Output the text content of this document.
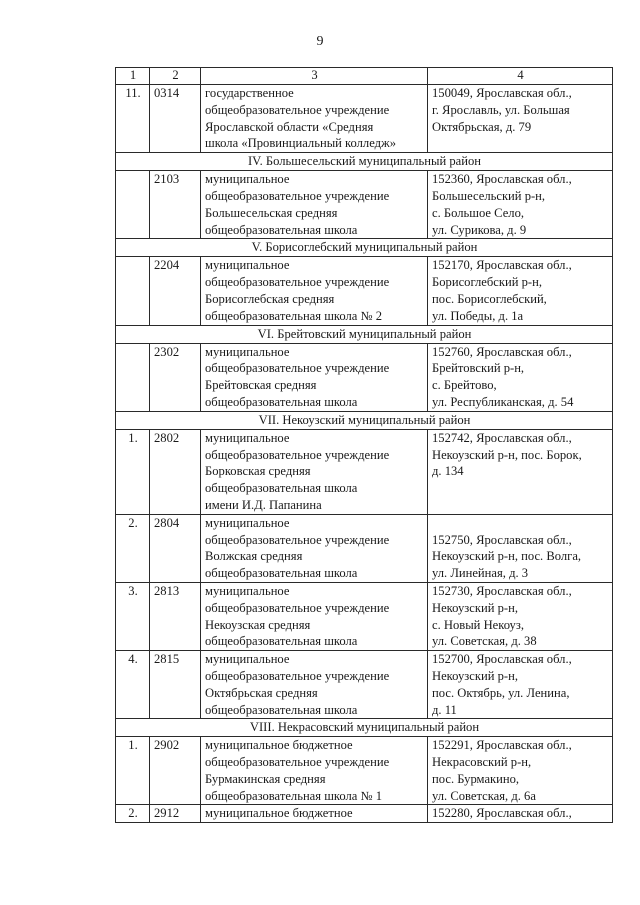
9
1	2	3	4
11.	0314	государственное
общеобразовательное учреждение
Ярославской области «Средняя
школа «Провинциальный колледж»	150049, Ярославская обл.,
г. Ярославль, ул. Большая
Октябрьская, д. 79

IV. Большесельский муниципальный район			
	2103	муниципальное
общеобразовательное учреждение
Большесельская средняя
общеобразовательная школа	152360, Ярославская обл.,
Большесельский р-н,
с. Большое Село,
ул. Сурикова, д. 9

V. Борисоглебский муниципальный район			
	2204	муниципальное
общеобразовательное учреждение
Борисоглебская средняя
общеобразовательная школа № 2	152170, Ярославская обл.,
Борисоглебский р-н,
пос. Борисоглебский,
ул. Победы, д. 1а

VI. Брейтовский муниципальный район			
	2302	муниципальное
общеобразовательное учреждение
Брейтовская средняя
общеобразовательная школа	152760, Ярославская обл.,
Брейтовский р-н,
с. Брейтово,
ул. Республиканская, д. 54

VII. Некоузский муниципальный район			
1.	2802	муниципальное
общеобразовательное учреждение
Борковская средняя
общеобразовательная школа
имени И.Д. Папанина	152742, Ярославская обл.,
Некоузский р-н, пос. Борок,
д. 134

2.	2804	муниципальное
общеобразовательное учреждение
Волжская средняя
общеобразовательная школа	152750, Ярославская обл.,
Некоузский р-н, пос. Волга,
ул. Линейная, д. 3

3.	2813	муниципальное
общеобразовательное учреждение
Некоузская средняя
общеобразовательная школа	152730, Ярославская обл.,
Некоузский р-н,
с. Новый Некоуз,
ул. Советская, д. 38

4.	2815	муниципальное
общеобразовательное учреждение
Октябрьская средняя
общеобразовательная школа	152700, Ярославская обл.,
Некоузский р-н,
пос. Октябрь, ул. Ленина,
д. 11

VIII. Некрасовский муниципальный район			
1.	2902	муниципальное бюджетное
общеобразовательное учреждение
Бурмакинская средняя
общеобразовательная школа № 1	152291, Ярославская обл.,
Некрасовский р-н,
пос. Бурмакино,
ул. Советская, д. 6а

2.	2912	муниципальное бюджетное	152280, Ярославская обл.,
